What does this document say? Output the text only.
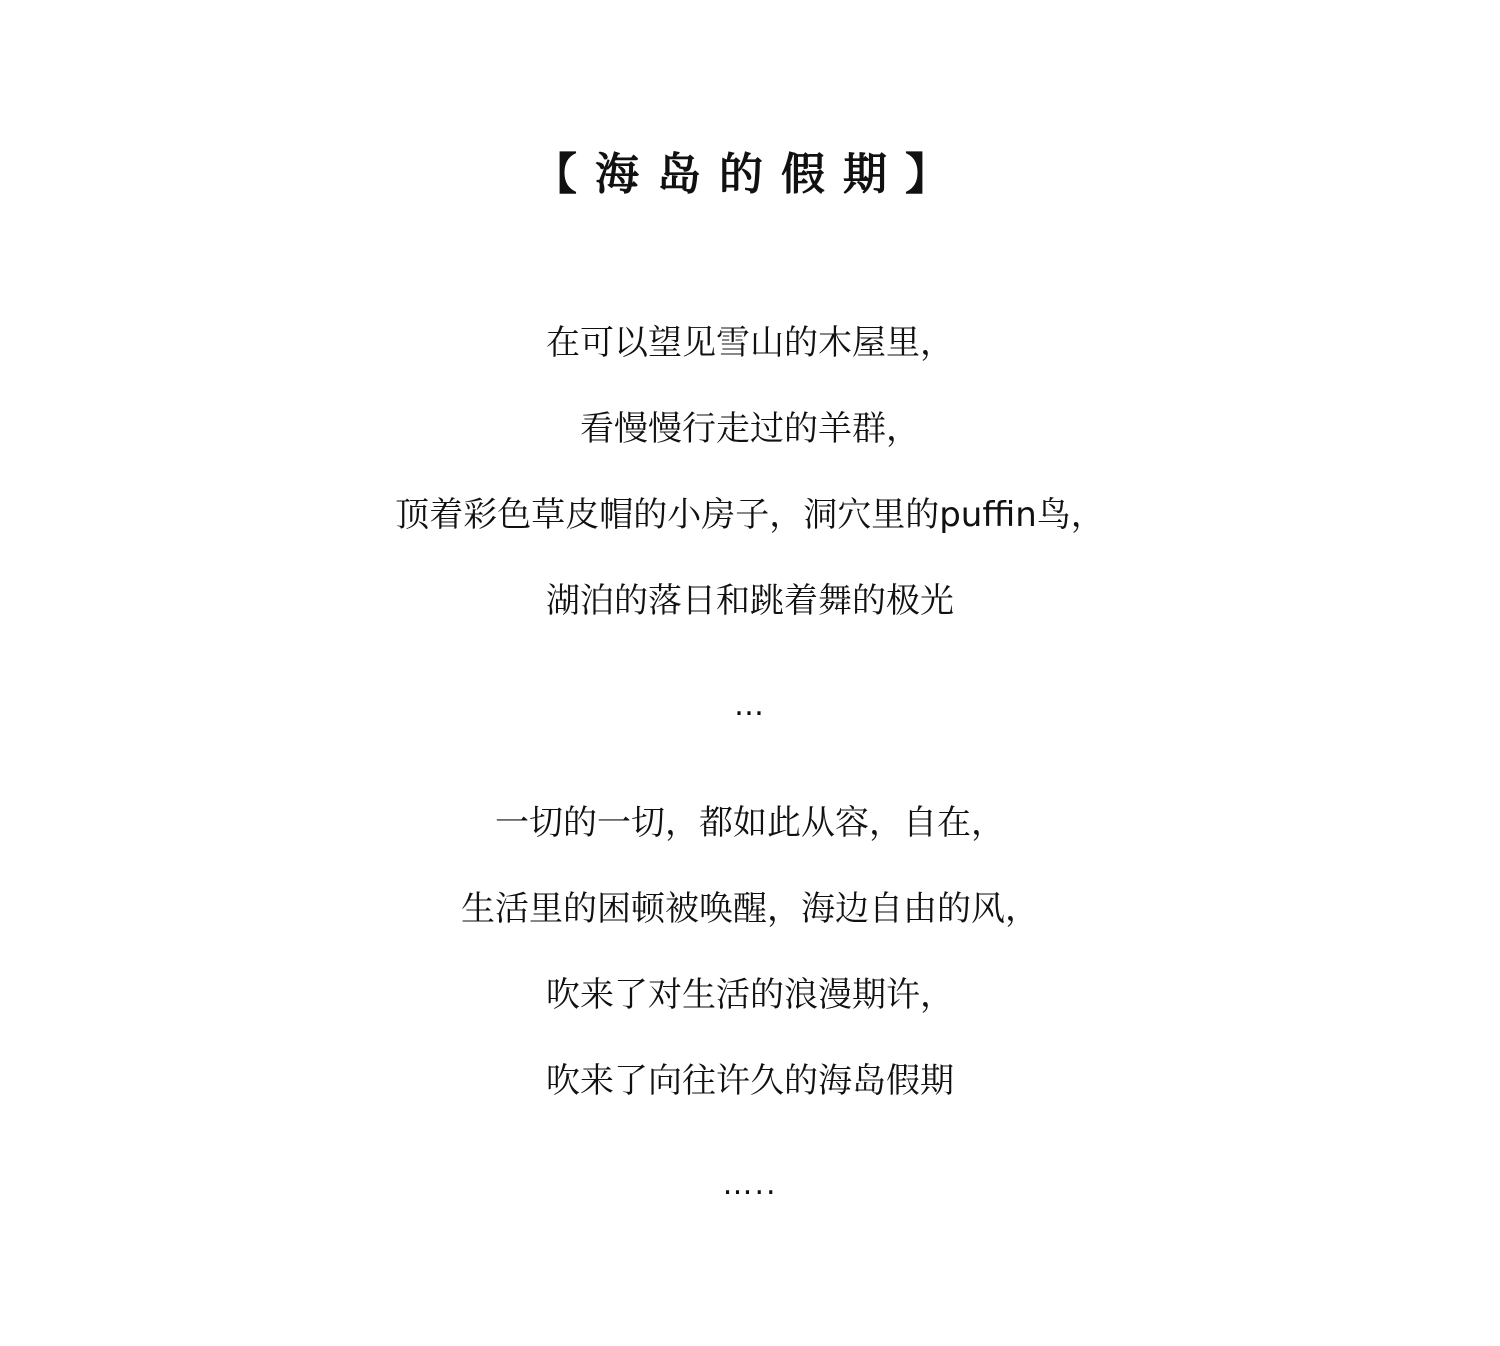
【海岛的假期】
在可以望见雪山的木屋里，
看慢慢行走过的羊群，
顶着彩色草皮帽的小房子，洞穴里的puffin鸟，
湖泊的落日和跳着舞的极光
…
一切的一切，都如此从容，自在，
生活里的困顿被唤醒，海边自由的风，
吹来了对生活的浪漫期许，
吹来了向往许久的海岛假期
…..
